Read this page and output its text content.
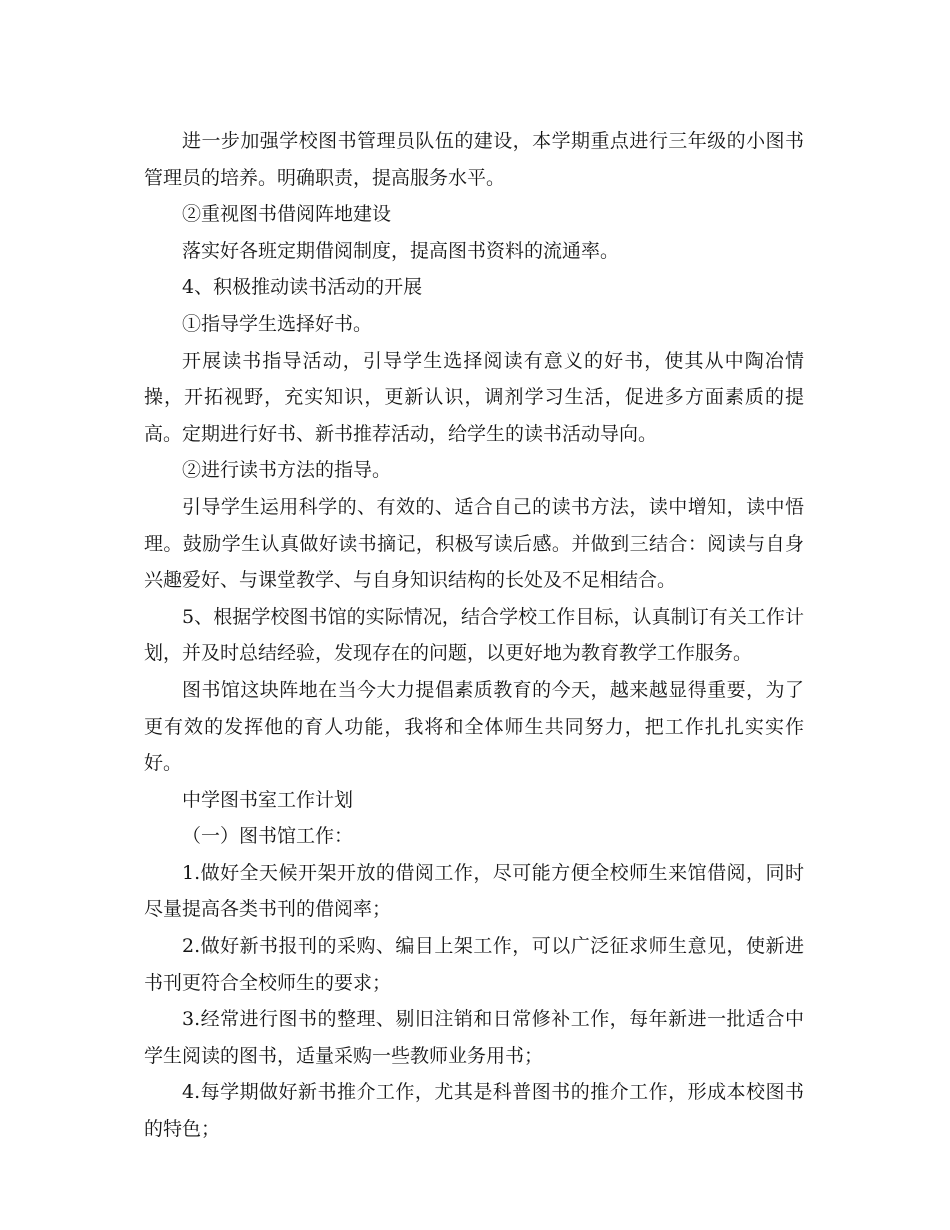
进一步加强学校图书管理员队伍的建设，本学期重点进行三年级的小图书管理员的培养。明确职责，提高服务水平。

②重视图书借阅阵地建设

落实好各班定期借阅制度，提高图书资料的流通率。

4、积极推动读书活动的开展

①指导学生选择好书。

开展读书指导活动，引导学生选择阅读有意义的好书，使其从中陶冶情操，开拓视野，充实知识，更新认识，调剂学习生活，促进多方面素质的提高。定期进行好书、新书推荐活动，给学生的读书活动导向。

②进行读书方法的指导。

引导学生运用科学的、有效的、适合自己的读书方法，读中增知，读中悟理。鼓励学生认真做好读书摘记，积极写读后感。并做到三结合：阅读与自身兴趣爱好、与课堂教学、与自身知识结构的长处及不足相结合。

5、根据学校图书馆的实际情况，结合学校工作目标，认真制订有关工作计划，并及时总结经验，发现存在的问题，以更好地为教育教学工作服务。

图书馆这块阵地在当今大力提倡素质教育的今天，越来越显得重要，为了更有效的发挥他的育人功能，我将和全体师生共同努力，把工作扎扎实实作好。

中学图书室工作计划

（一）图书馆工作：

1.做好全天候开架开放的借阅工作，尽可能方便全校师生来馆借阅，同时尽量提高各类书刊的借阅率；

2.做好新书报刊的采购、编目上架工作，可以广泛征求师生意见，使新进书刊更符合全校师生的要求；

3.经常进行图书的整理、剔旧注销和日常修补工作，每年新进一批适合中学生阅读的图书，适量采购一些教师业务用书；

4.每学期做好新书推介工作，尤其是科普图书的推介工作，形成本校图书的特色；
